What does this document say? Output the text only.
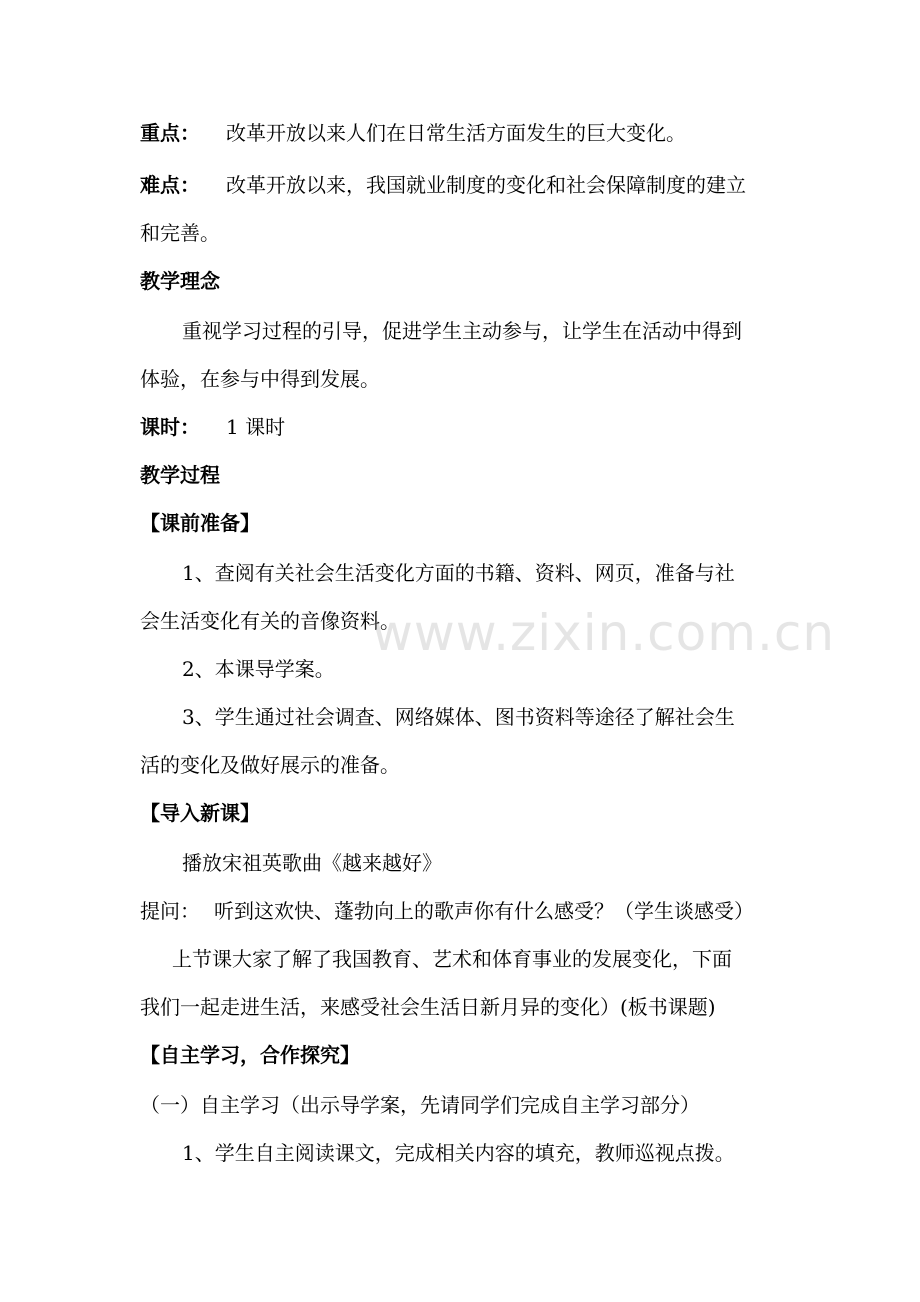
重点： 改革开放以来人们在日常生活方面发生的巨大变化。
难点： 改革开放以来，我国就业制度的变化和社会保障制度的建立
和完善。
教学理念
重视学习过程的引导，促进学生主动参与，让学生在活动中得到
体验，在参与中得到发展。
课时： 1 课时
教学过程
【课前准备】
1、查阅有关社会生活变化方面的书籍、资料、网页，准备与社
会生活变化有关的音像资料。
2、本课导学案。
3、学生通过社会调查、网络媒体、图书资料等途径了解社会生
活的变化及做好展示的准备。
【导入新课】
播放宋祖英歌曲《越来越好》
提问： 听到这欢快、蓬勃向上的歌声你有什么感受？（学生谈感受）
上节课大家了解了我国教育、艺术和体育事业的发展变化，下面
我们一起走进生活，来感受社会生活日新月异的变化）(板书课题)
【自主学习，合作探究】
（一）自主学习（出示导学案，先请同学们完成自主学习部分）
1、学生自主阅读课文，完成相关内容的填充，教师巡视点拨。
www.zixin.com.cn
